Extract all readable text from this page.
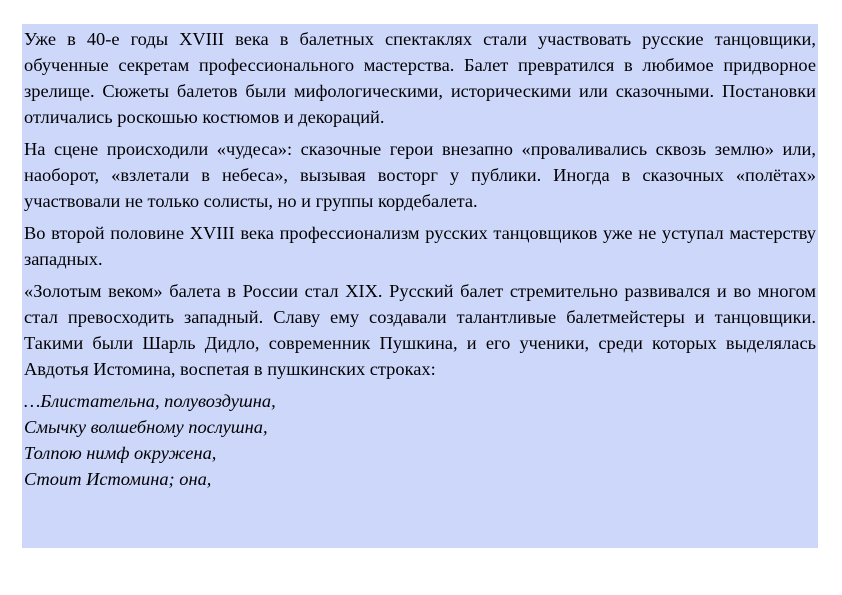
Уже в 40-е годы XVIII века в балетных спектаклях стали участвовать русские танцовщики, обученные секретам профессионального мастерства. Балет превратился в любимое придворное зрелище. Сюжеты балетов были мифологическими, историческими или сказочными. Постановки отличались роскошью костюмов и декораций.

На сцене происходили «чудеса»: сказочные герои внезапно «проваливались сквозь землю» или, наоборот, «взлетали в небеса», вызывая восторг у публики. Иногда в сказочных «полётах» участвовали не только солисты, но и группы кордебалета.

Во второй половине XVIII века профессионализм русских танцовщиков уже не уступал мастерству западных.

«Золотым веком» балета в России стал XIX. Русский балет стремительно развивался и во многом стал превосходить западный. Славу ему создавали талантливые балетмейстеры и танцовщики. Такими были Шарль Дидло, современник Пушкина, и его ученики, среди которых выделялась Авдотья Истомина, воспетая в пушкинских строках:

…Блистательна, полувоздушна,

Смычку волшебному послушна,

Толпою нимф окружена,

Стоит Истомина; она,
